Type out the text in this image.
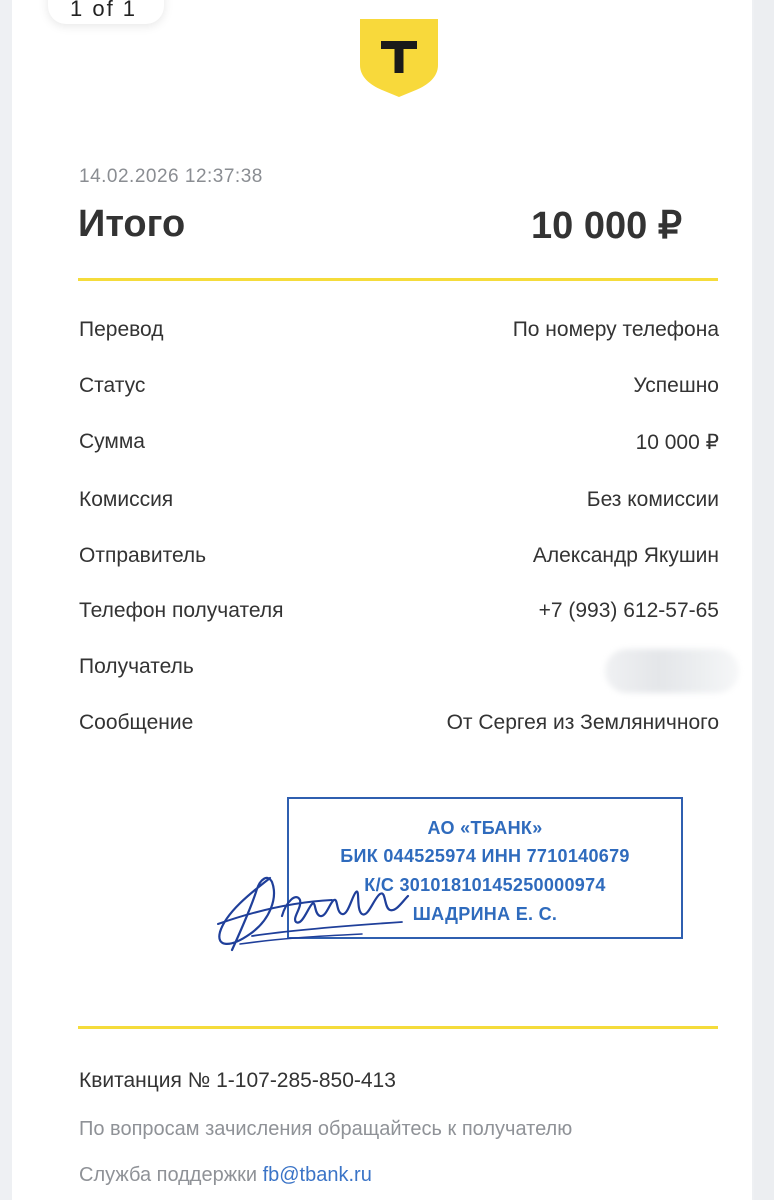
1 of 1
14.02.2026 12:37:38
Итого	10 000 ₽
Перевод	По номеру телефона
Статус	Успешно
Сумма	10 000 ₽
Комиссия	Без комиссии
Отправитель	Александр Якушин
Телефон получателя	+7 (993) 612-57-65
Получатель
Сообщение	От Сергея из Земляничного
АО «ТБАНК»
БИК 044525974 ИНН 7710140679
К/С 30101810145250000974
ШАДРИНА Е. С.
Квитанция № 1-107-285-850-413
По вопросам зачисления обращайтесь к получателю
Служба поддержки fb@tbank.ru
